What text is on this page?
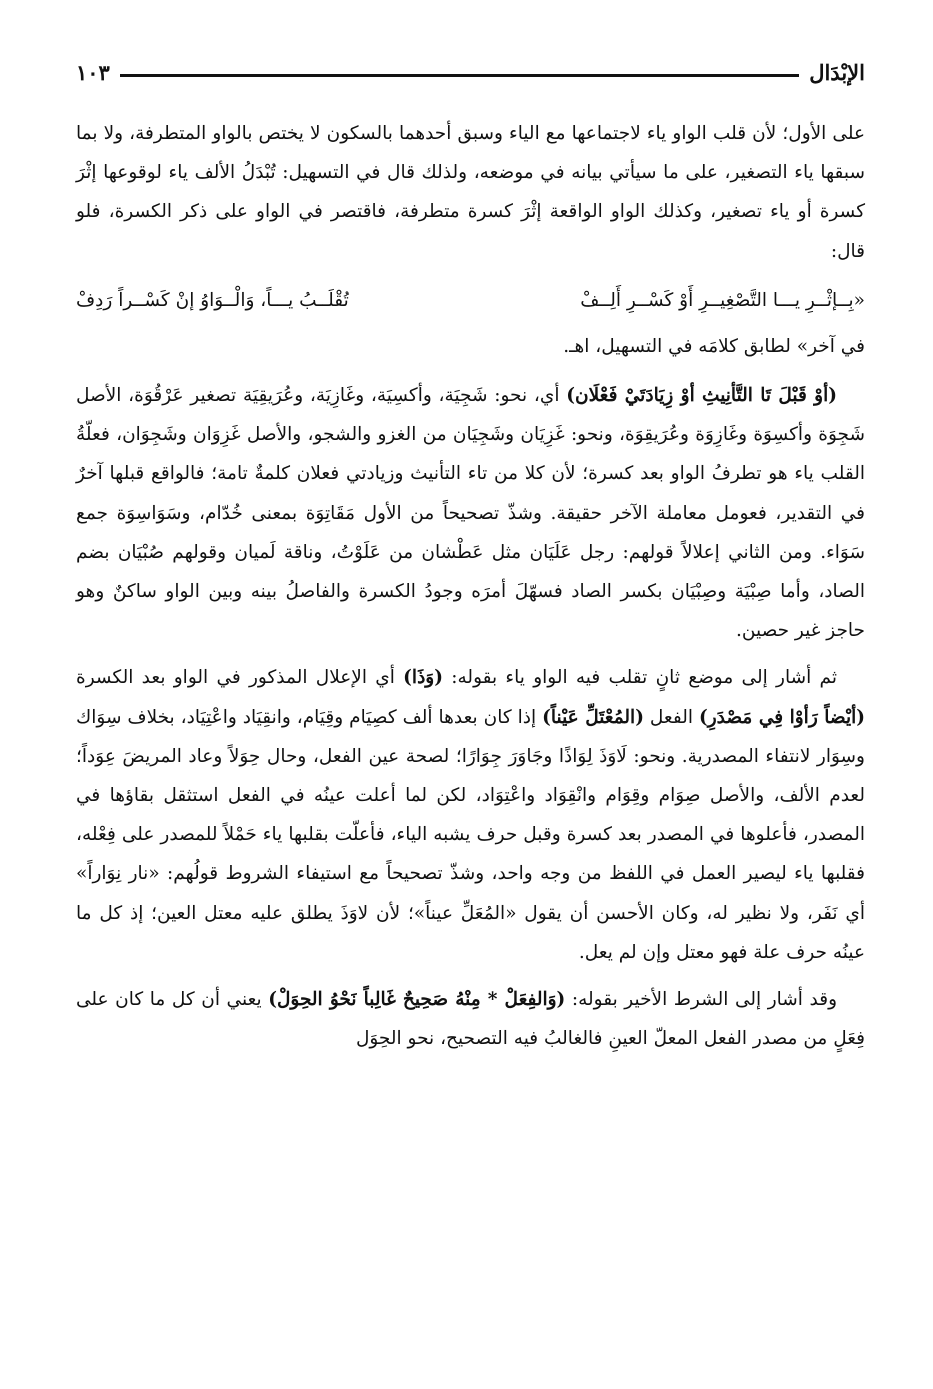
الإبْدَال
١٠٣

على الأول؛ لأن قلب الواو ياء لاجتماعها مع الياء وسبق أحدهما بالسكون لا يختص بالواو المتطرفة، ولا بما سبقها ياء التصغير، على ما سيأتي بيانه في موضعه، ولذلك قال في التسهيل: تُبْدَلُ الألف ياء لوقوعها إثْرَ كسرة أو ياء تصغير، وكذلك الواو الواقعة إثْرَ كسرة متطرفة، فاقتصر في الواو على ذكر الكسرة، فلو قال:

«بِــإثْــرِ يـــا التَّصْغِيــرِ أَوْ كَسْــرِ أَلِــفْ
تُقْلَــبُ يـــاً، وَالْــوَاوُ إنْ كَسْــراً رَدِفْ

في آخر» لطابق كلامَه في التسهيل، اهـ.

(أوْ قَبْلَ تَا التَّأنِيثِ أوْ زِيَادَتَيْ فَعْلَان) أي، نحو: شَجِيَة، وأكسِيَة، وغَازِيَة، وعُرَيقِيَة تصغير عَرْقُوَة، الأصل شَجِوَة وأكسِوَة وغَازِوَة وعُرَيقِوَة، ونحو: غَزِيَان وشَجِيَان من الغزو والشجو، والأصل غَزِوَان وشَجِوَان، فعلّةُ القلب ياء هو تطرفُ الواو بعد كسرة؛ لأن كلا من تاء التأنيث وزيادتي فعلان كلمةٌ تامة؛ فالواقع قبلها آخرٌ في التقدير، فعومل معاملة الآخر حقيقة. وشذّ تصحيحاً من الأول مَقَاتِوَة بمعنى خُدّام، وسَوَاسِوَة جمع سَوَاء. ومن الثاني إعلالاً قولهم: رجل عَلَيَان مثل عَطْشان من عَلَوْتُ، وناقة لَميان وقولهم صُبْيَان بضم الصاد، وأما صِبْيَة وصِبْيَان بكسر الصاد فسهّلَ أمرَه وجودُ الكسرة والفاصلُ بينه وبين الواو ساكنٌ وهو حاجز غير حصين.

ثم أشار إلى موضع ثانٍ تقلب فيه الواو ياء بقوله: (وَذَا) أي الإعلال المذكور في الواو بعد الكسرة (أيْضاً رَأوْا فِي مَصْدَرِ) الفعل (المُعْتَلِّ عَيْناً) إذا كان بعدها ألف كصِيَام وقِيَام، وانقِيَاد واعْتِيَاد، بخلاف سِوَاك وسِوَار لانتفاء المصدرية. ونحو: لَاوَذَ لِوَاذًا وجَاوَرَ جِوَارًا؛ لصحة عين الفعل، وحال حِوَلاً وعاد المريضَ عِوَداً؛ لعدم الألف، والأصل صِوَام وقِوَام وانْقِوَاد واعْتِوَاد، لكن لما أعلت عينُه في الفعل استثقل بقاؤها في المصدر، فأعلوها في المصدر بعد كسرة وقبل حرف يشبه الياء، فأعلّت بقلبها ياء حَمْلاً للمصدر على فِعْله، فقلبها ياء ليصير العمل في اللفظ من وجه واحد، وشذّ تصحيحاً مع استيفاء الشروط قولُهم: «نار نِوَاراً» أي نَفَر، ولا نظير له، وكان الأحسن أن يقول «المُعَلِّ عيناً»؛ لأن لاوَذَ يطلق عليه معتل العين؛ إذ كل ما عينُه حرف علة فهو معتل وإن لم يعل.

وقد أشار إلى الشرط الأخير بقوله: (وَالفِعَلْ * مِنْهُ صَحِيحٌ غَالِباً نَحْوُ الحِوَلْ) يعني أن كل ما كان على فِعَلٍ من مصدر الفعل المعلّ العينِ فالغالبُ فيه التصحيح، نحو الحِوَل
